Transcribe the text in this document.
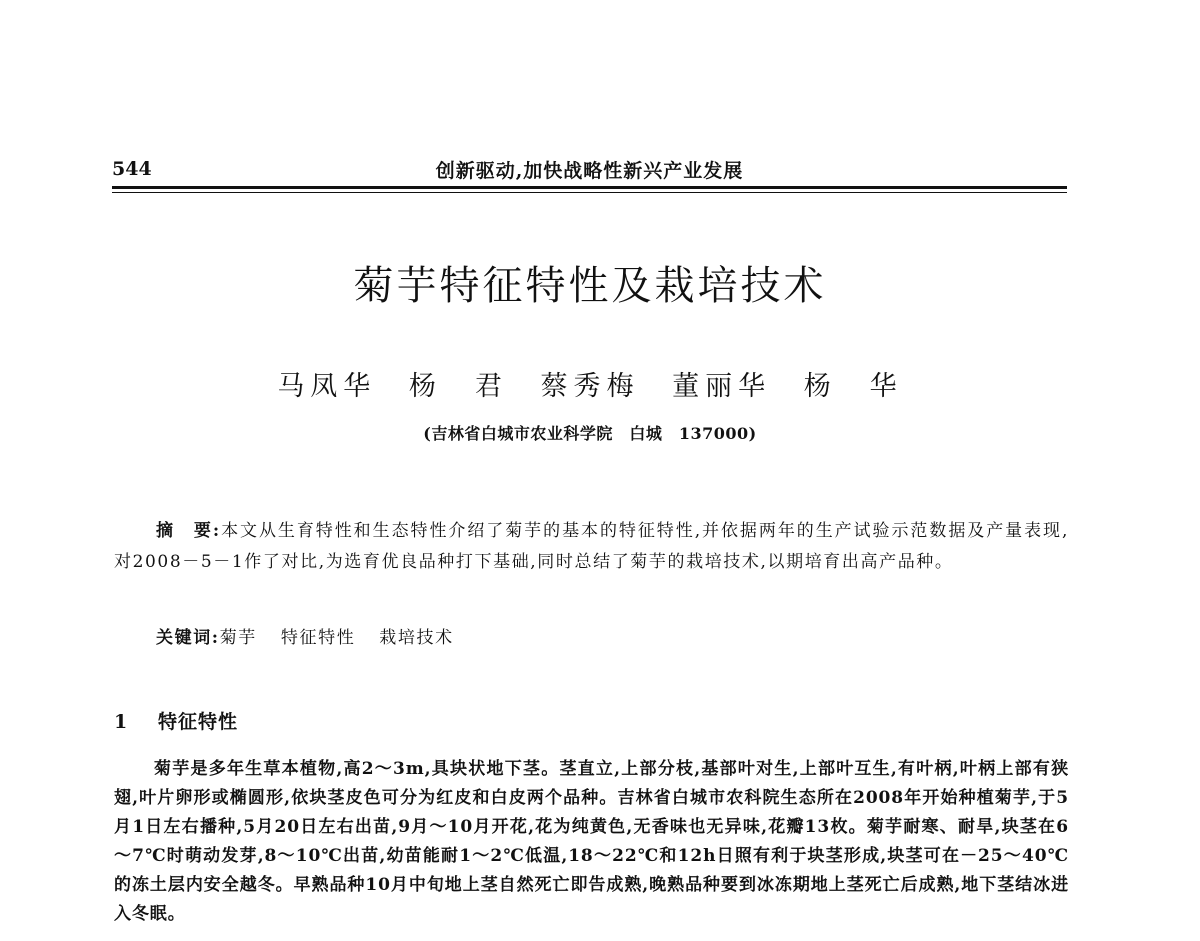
544	创新驱动,加快战略性新兴产业发展
菊芋特征特性及栽培技术
马凤华 杨　君 蔡秀梅 董丽华 杨　华
(吉林省白城市农业科学院　白城　137000)

摘　要:本文从生育特性和生态特性介绍了菊芋的基本的特征特性,并依据两年的生产试验示范数据及产量表现,对2008－5－1作了对比,为选育优良品种打下基础,同时总结了菊芋的栽培技术,以期培育出高产品种。

关键词:菊芋 特征特性 栽培技术
1 特征特性

菊芋是多年生草本植物,高2～3m,具块状地下茎。茎直立,上部分枝,基部叶对生,上部叶互生,有叶柄,叶柄上部有狭翅,叶片卵形或椭圆形,依块茎皮色可分为红皮和白皮两个品种。吉林省白城市农科院生态所在2008年开始种植菊芋,于5月1日左右播种,5月20日左右出苗,9月～10月开花,花为纯黄色,无香味也无异味,花瓣13枚。菊芋耐寒、耐旱,块茎在6～7℃时萌动发芽,8～10℃出苗,幼苗能耐1～2℃低温,18～22℃和12h日照有利于块茎形成,块茎可在－25～40℃的冻土层内安全越冬。早熟品种10月中旬地上茎自然死亡即告成熟,晚熟品种要到冰冻期地上茎死亡后成熟,地下茎结冰进入冬眠。
